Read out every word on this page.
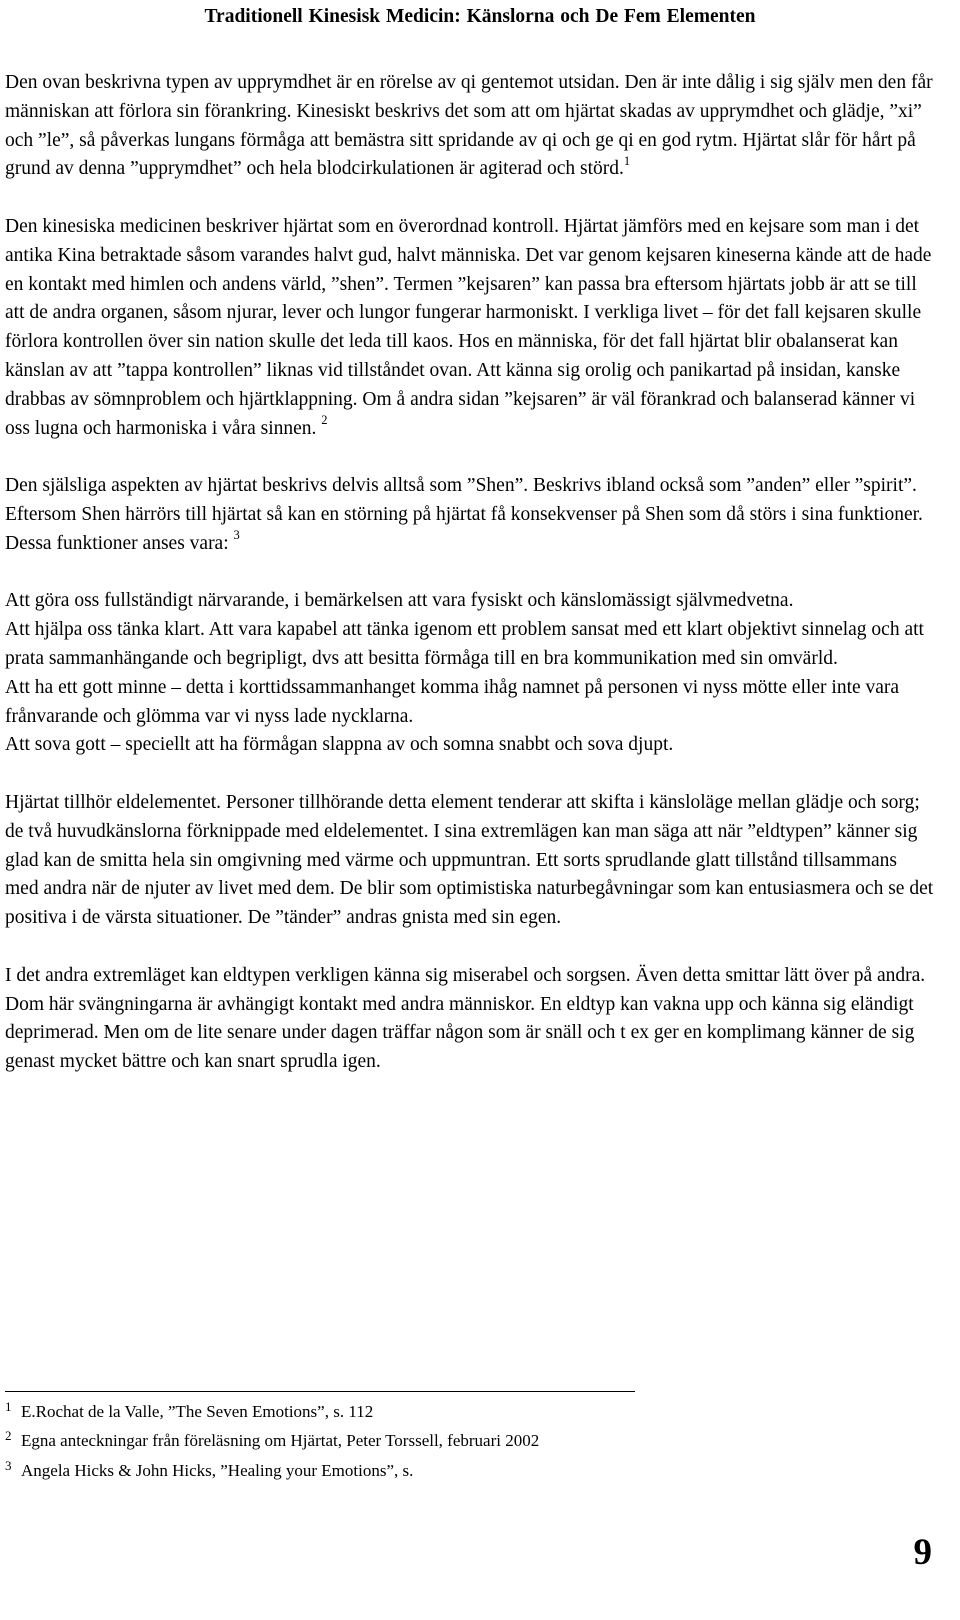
Traditionell Kinesisk Medicin: Känslorna och De Fem Elementen

Den ovan beskrivna typen av upprymdhet är en rörelse av qi gentemot utsidan. Den är inte dålig i sig själv men den får människan att förlora sin förankring. Kinesiskt beskrivs det som att om hjärtat skadas av upprymdhet och glädje, ”xi” och ”le”, så påverkas lungans förmåga att bemästra sitt spridande av qi och ge qi en god rytm. Hjärtat slår för hårt på grund av denna ”upprymdhet” och hela blodcirkulationen är agiterad och störd.$^1$

Den kinesiska medicinen beskriver hjärtat som en överordnad kontroll. Hjärtat jämförs med en kejsare som man i det antika Kina betraktade såsom varandes halvt gud, halvt människa. Det var genom kejsaren kineserna kände att de hade en kontakt med himlen och andens värld, ”shen”. Termen ”kejsaren” kan passa bra eftersom hjärtats jobb är att se till att de andra organen, såsom njurar, lever och lungor fungerar harmoniskt. I verkliga livet – för det fall kejsaren skulle förlora kontrollen över sin nation skulle det leda till kaos. Hos en människa, för det fall hjärtat blir obalanserat kan känslan av att ”tappa kontrollen” liknas vid tillståndet ovan. Att känna sig orolig och panikartad på insidan, kanske drabbas av sömnproblem och hjärtklappning. Om å andra sidan ”kejsaren” är väl förankrad och balanserad känner vi oss lugna och harmoniska i våra sinnen. $^2$

Den själsliga aspekten av hjärtat beskrivs delvis alltså som ”Shen”. Beskrivs ibland också som ”anden” eller ”spirit”. Eftersom Shen härrörs till hjärtat så kan en störning på hjärtat få konsekvenser på Shen som då störs i sina funktioner. Dessa funktioner anses vara: $^3$

Att göra oss fullständigt närvarande, i bemärkelsen att vara fysiskt och känslomässigt självmedvetna.

Att hjälpa oss tänka klart. Att vara kapabel att tänka igenom ett problem sansat med ett klart objektivt sinnelag och att prata sammanhängande och begripligt, dvs att besitta förmåga till en bra kommunikation med sin omvärld.

Att ha ett gott minne – detta i korttidssammanhanget komma ihåg namnet på personen vi nyss mötte eller inte vara frånvarande och glömma var vi nyss lade nycklarna.

Att sova gott – speciellt att ha förmågan slappna av och somna snabbt och sova djupt.

Hjärtat tillhör eldelementet. Personer tillhörande detta element tenderar att skifta i känsloläge mellan glädje och sorg; de två huvudkänslorna förknippade med eldelementet. I sina extremlägen kan man säga att när ”eldtypen” känner sig glad kan de smitta hela sin omgivning med värme och uppmuntran. Ett sorts sprudlande glatt tillstånd tillsammans med andra när de njuter av livet med dem. De blir som optimistiska naturbegåvningar som kan entusiasmera och se det positiva i de värsta situationer. De ”tänder” andras gnista med sin egen.

I det andra extremläget kan eldtypen verkligen känna sig miserabel och sorgsen. Även detta smittar lätt över på andra. Dom här svängningarna är avhängigt kontakt med andra människor. En eldtyp kan vakna upp och känna sig eländigt deprimerad. Men om de lite senare under dagen träffar någon som är snäll och t ex ger en komplimang känner de sig genast mycket bättre och kan snart sprudla igen.

1 E.Rochat de la Valle, ”The Seven Emotions”, s. 112

2 Egna anteckningar från föreläsning om Hjärtat, Peter Torssell, februari 2002

3 Angela Hicks & John Hicks, ”Healing your Emotions”, s.

9
